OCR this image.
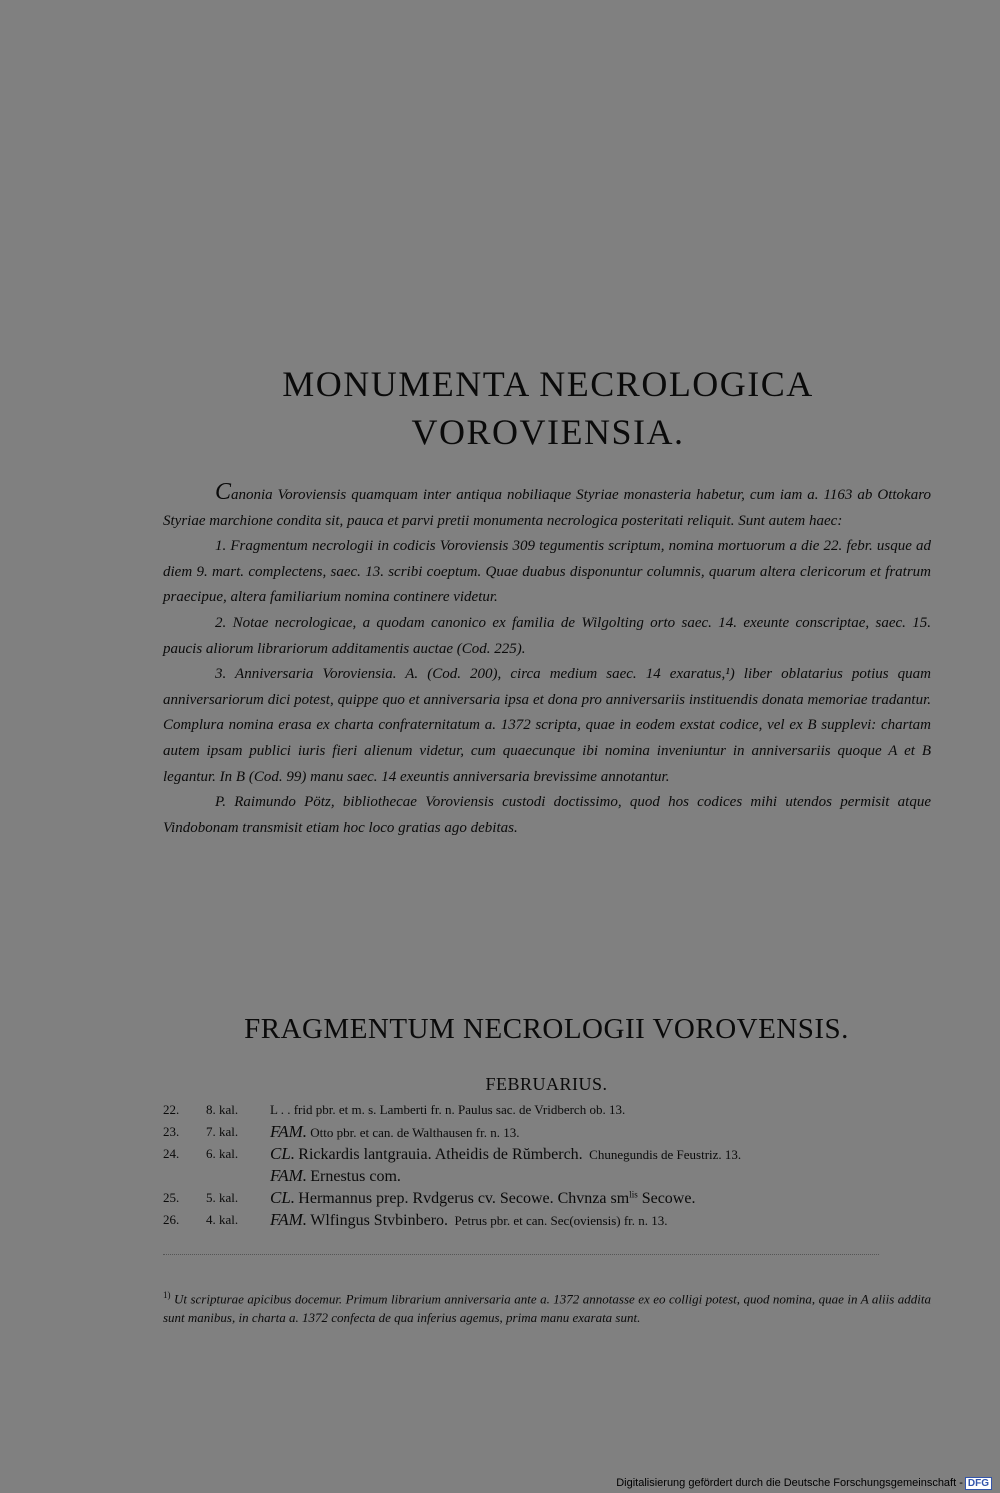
MONUMENTA NECROLOGICA
VOROVIENSIA.

Canonia Voroviensis quamquam inter antiqua nobiliaque Styriae monasteria habetur, cum iam a. 1163 ab Ottokaro Styriae marchione condita sit, pauca et parvi pretii monumenta necrologica posteritati reliquit. Sunt autem haec:

1. Fragmentum necrologii in codicis Voroviensis 309 tegumentis scriptum, nomina mortuorum a die 22. febr. usque ad diem 9. mart. complectens, saec. 13. scribi coeptum. Quae duabus disponuntur columnis, quarum altera clericorum et fratrum praecipue, altera familiarium nomina continere videtur.

2. Notae necrologicae, a quodam canonico ex familia de Wilgolting orto saec. 14. exeunte conscriptae, saec. 15. paucis aliorum librariorum additamentis auctae (Cod. 225).

3. Anniversaria Voroviensia. A. (Cod. 200), circa medium saec. 14 exaratus,¹) liber oblatarius potius quam anniversariorum dici potest, quippe quo et anniversaria ipsa et dona pro anniversariis instituendis donata memoriae tradantur. Complura nomina erasa ex charta confraternitatum a. 1372 scripta, quae in eodem exstat codice, vel ex B supplevi: chartam autem ipsam publici iuris fieri alienum videtur, cum quaecunque ibi nomina inveniuntur in anniversariis quoque A et B legantur. In B (Cod. 99) manu saec. 14 exeuntis anniversaria brevissime annotantur.

P. Raimundo Pötz, bibliothecae Voroviensis custodi doctissimo, quod hos codices mihi utendos permisit atque Vindobonam transmisit etiam hoc loco gratias ago debitas.

FRAGMENTUM NECROLOGII VOROVENSIS.
FEBRUARIUS.
22. 8. kal. L . . frid pbr. et m. s. Lamberti fr. n. Paulus sac. de Vridberch ob. 13.
23. 7. kal. FAM. Otto pbr. et can. de Walthausen fr. n. 13.
24. 6. kal. CL. Rickardis lantgrauia. Atheidis de Rŭmberch. Chunegundis de Feustriz. 13.
FAM. Ernestus com.
25. 5. kal. CL. Hermannus prep. Rvdgerus cv. Secowe. Chvnza $sm^{lis}$ Secowe.
26. 4. kal. FAM. Wlfingus Stvbinbero. Petrus pbr. et can. Sec(oviensis) fr. n. 13.
$^{1)}$ Ut scripturae apicibus docemur. Primum librarium anniversaria ante a. 1372 annotasse ex eo colligi potest, quod nomina, quae in A aliis addita sunt manibus, in charta a. 1372 confecta de qua inferius agemus, prima manu exarata sunt.
Digitalisierung gefördert durch die Deutsche Forschungsgemeinschaft - DFG
